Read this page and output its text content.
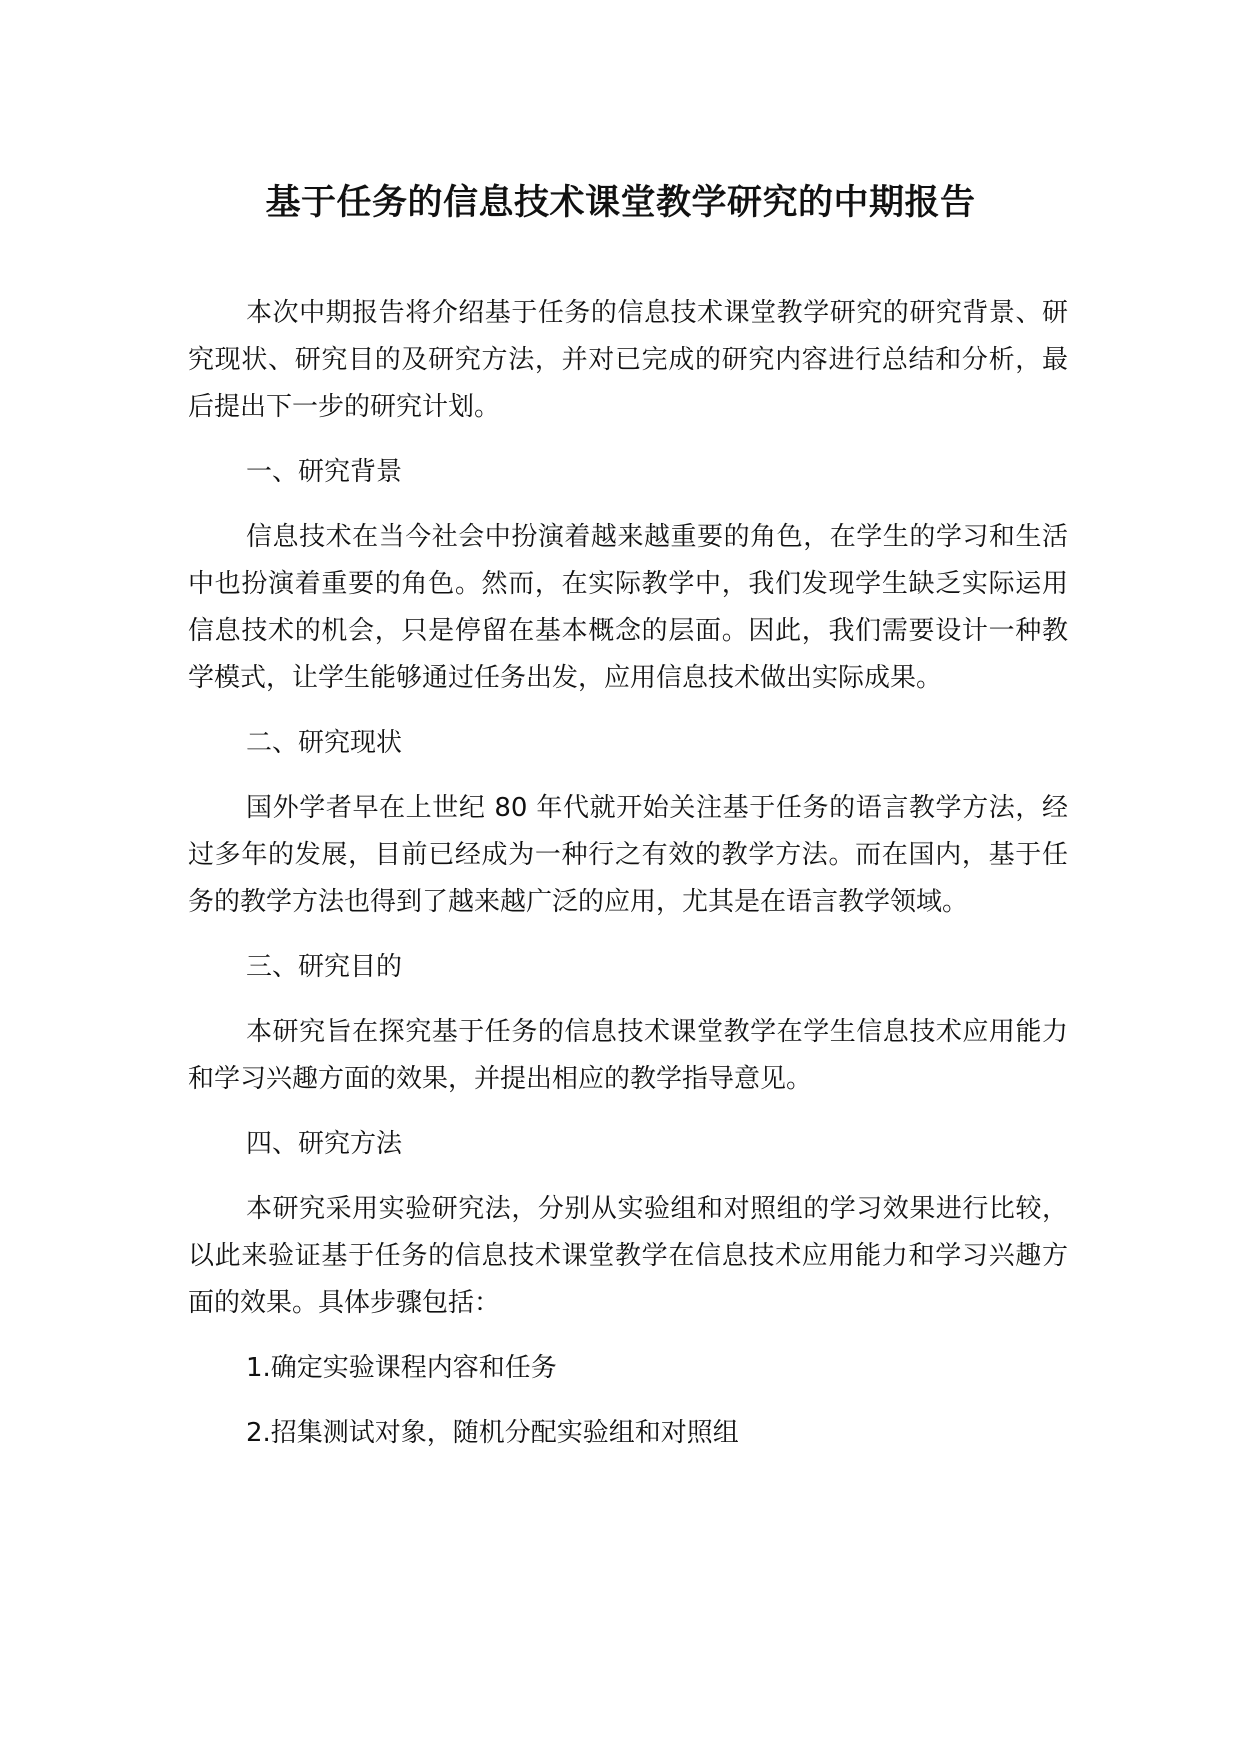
基于任务的信息技术课堂教学研究的中期报告

本次中期报告将介绍基于任务的信息技术课堂教学研究的研究背景、研究现状、研究目的及研究方法，并对已完成的研究内容进行总结和分析，最后提出下一步的研究计划。

一、研究背景

信息技术在当今社会中扮演着越来越重要的角色，在学生的学习和生活中也扮演着重要的角色。然而，在实际教学中，我们发现学生缺乏实际运用信息技术的机会，只是停留在基本概念的层面。因此，我们需要设计一种教学模式，让学生能够通过任务出发，应用信息技术做出实际成果。

二、研究现状

国外学者早在上世纪 80 年代就开始关注基于任务的语言教学方法，经过多年的发展，目前已经成为一种行之有效的教学方法。而在国内，基于任务的教学方法也得到了越来越广泛的应用，尤其是在语言教学领域。

三、研究目的

本研究旨在探究基于任务的信息技术课堂教学在学生信息技术应用能力和学习兴趣方面的效果，并提出相应的教学指导意见。

四、研究方法

本研究采用实验研究法，分别从实验组和对照组的学习效果进行比较，以此来验证基于任务的信息技术课堂教学在信息技术应用能力和学习兴趣方面的效果。具体步骤包括：

1.确定实验课程内容和任务

2.招集测试对象，随机分配实验组和对照组
